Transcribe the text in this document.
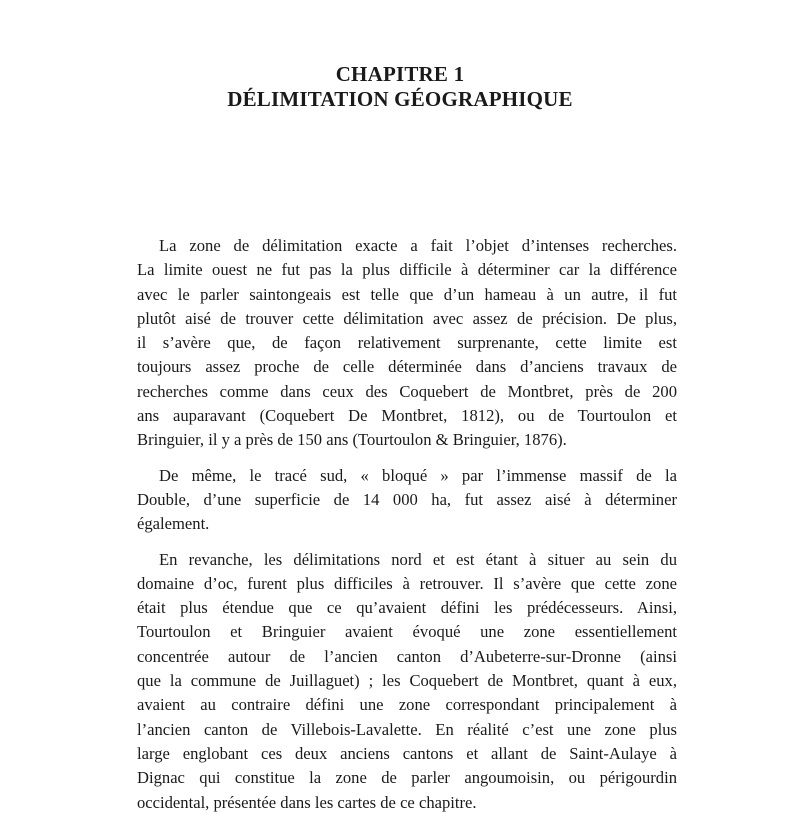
CHAPITRE 1
DÉLIMITATION GÉOGRAPHIQUE
La zone de délimitation exacte a fait l’objet d’intenses recherches.
La limite ouest ne fut pas la plus difficile à déterminer car la différence
avec le parler saintongeais est telle que d’un hameau à un autre, il fut
plutôt aisé de trouver cette délimitation avec assez de précision. De plus,
il s’avère que, de façon relativement surprenante, cette limite est
toujours assez proche de celle déterminée dans d’anciens travaux de
recherches comme dans ceux des Coquebert de Montbret, près de 200
ans auparavant (Coquebert De Montbret, 1812), ou de Tourtoulon et
Bringuier, il y a près de 150 ans (Tourtoulon & Bringuier, 1876).
De même, le tracé sud, « bloqué » par l’immense massif de la
Double, d’une superficie de 14 000 ha, fut assez aisé à déterminer
également.
En revanche, les délimitations nord et est étant à situer au sein du
domaine d’oc, furent plus difficiles à retrouver. Il s’avère que cette zone
était plus étendue que ce qu’avaient défini les prédécesseurs. Ainsi,
Tourtoulon et Bringuier avaient évoqué une zone essentiellement
concentrée autour de l’ancien canton d’Aubeterre-sur-Dronne (ainsi
que la commune de Juillaguet) ; les Coquebert de Montbret, quant à eux,
avaient au contraire défini une zone correspondant principalement à
l’ancien canton de Villebois-Lavalette. En réalité c’est une zone plus
large englobant ces deux anciens cantons et allant de Saint-Aulaye à
Dignac qui constitue la zone de parler angoumoisin, ou périgourdin
occidental, présentée dans les cartes de ce chapitre.
